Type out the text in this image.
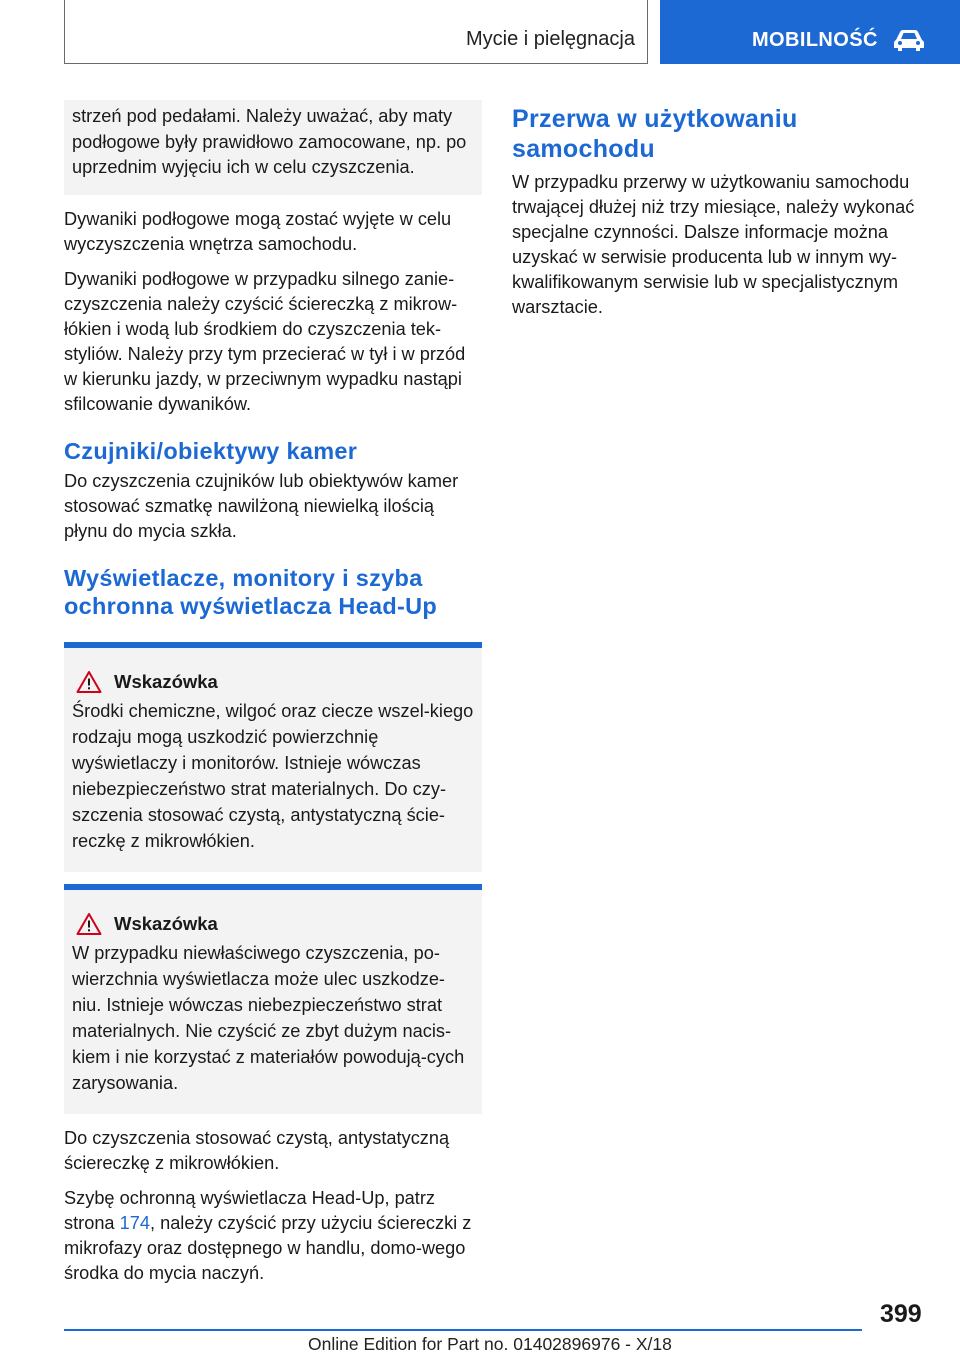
Mycie i pielęgnacja	MOBILNOŚĆ

strzeń pod pedałami. Należy uważać, aby maty podłogowe były prawidłowo zamocowane, np. po uprzednim wyjęciu ich w celu czyszczenia.

Dywaniki podłogowe mogą zostać wyjęte w celu wyczyszczenia wnętrza samochodu.

Dywaniki podłogowe w przypadku silnego zanie-czyszczenia należy czyścić ściereczką z mikrow-łókien i wodą lub środkiem do czyszczenia tek-styliów. Należy przy tym przecierać w tył i w przód w kierunku jazdy, w przeciwnym wypadku nastąpi sfilcowanie dywaników.

Czujniki/obiektywy kamer

Do czyszczenia czujników lub obiektywów kamer stosować szmatkę nawilżoną niewielką ilością płynu do mycia szkła.

Wyświetlacze, monitory i szyba ochronna wyświetlacza Head-Up
Wskazówka

Środki chemiczne, wilgoć oraz ciecze wszel-kiego rodzaju mogą uszkodzić powierzchnię wyświetlaczy i monitorów. Istnieje wówczas niebezpieczeństwo strat materialnych. Do czy-szczenia stosować czystą, antystatyczną ście-reczkę z mikrowłókien.

Wskazówka

W przypadku niewłaściwego czyszczenia, po-wierzchnia wyświetlacza może ulec uszkodze-niu. Istnieje wówczas niebezpieczeństwo strat materialnych. Nie czyścić ze zbyt dużym nacis-kiem i nie korzystać z materiałów powodują-cych zarysowania.

Do czyszczenia stosować czystą, antystatyczną ściereczkę z mikrowłókien.

Szybę ochronną wyświetlacza Head-Up, patrz strona 174, należy czyścić przy użyciu ściereczki z mikrofazy oraz dostępnego w handlu, domo-wego środka do mycia naczyń.

Przerwa w użytkowaniu samochodu

W przypadku przerwy w użytkowaniu samochodu trwającej dłużej niż trzy miesiące, należy wykonać specjalne czynności. Dalsze informacje można uzyskać w serwisie producenta lub w innym wy-kwalifikowanym serwisie lub w specjalistycznym warsztacie.

399
Online Edition for Part no. 01402896976 - X/18
